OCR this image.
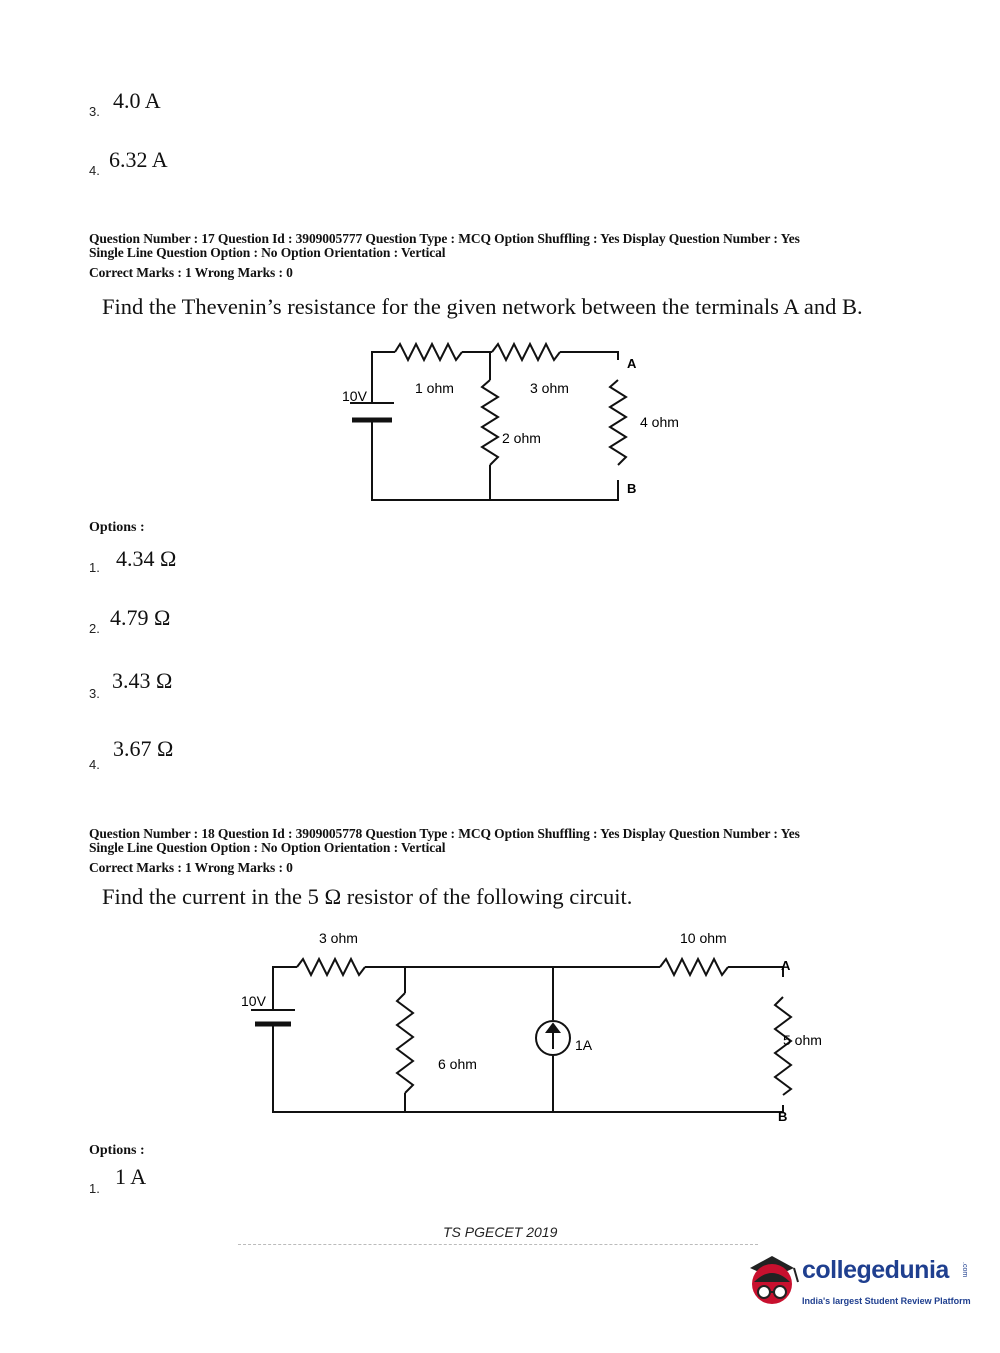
3. 4.0 A
4. 6.32 A
Question Number : 17 Question Id : 3909005777 Question Type : MCQ Option Shuffling : Yes Display Question Number : Yes
Single Line Question Option : No Option Orientation : Vertical
Correct Marks : 1 Wrong Marks : 0
Find the Thevenin’s resistance for the given network between the terminals A and B.
10V	1 ohm	3 ohm
2 ohm
4 ohm
A
B
Options :
1. 4.34 Ω
2. 4.79 Ω
3.
3.43 Ω
4.
3.67 Ω
Question Number : 18 Question Id : 3909005778 Question Type : MCQ Option Shuffling : Yes Display Question Number : Yes
Single Line Question Option : No Option Orientation : Vertical
Correct Marks : 1 Wrong Marks : 0
Find the current in the 5 Ω resistor of the following circuit.
3 ohm	10 ohm
10V
6 ohm
1A	5 ohm
A
B
Options :
1. 1 A
TS PGECET 2019
collegedunia .com
India's largest Student Review Platform
